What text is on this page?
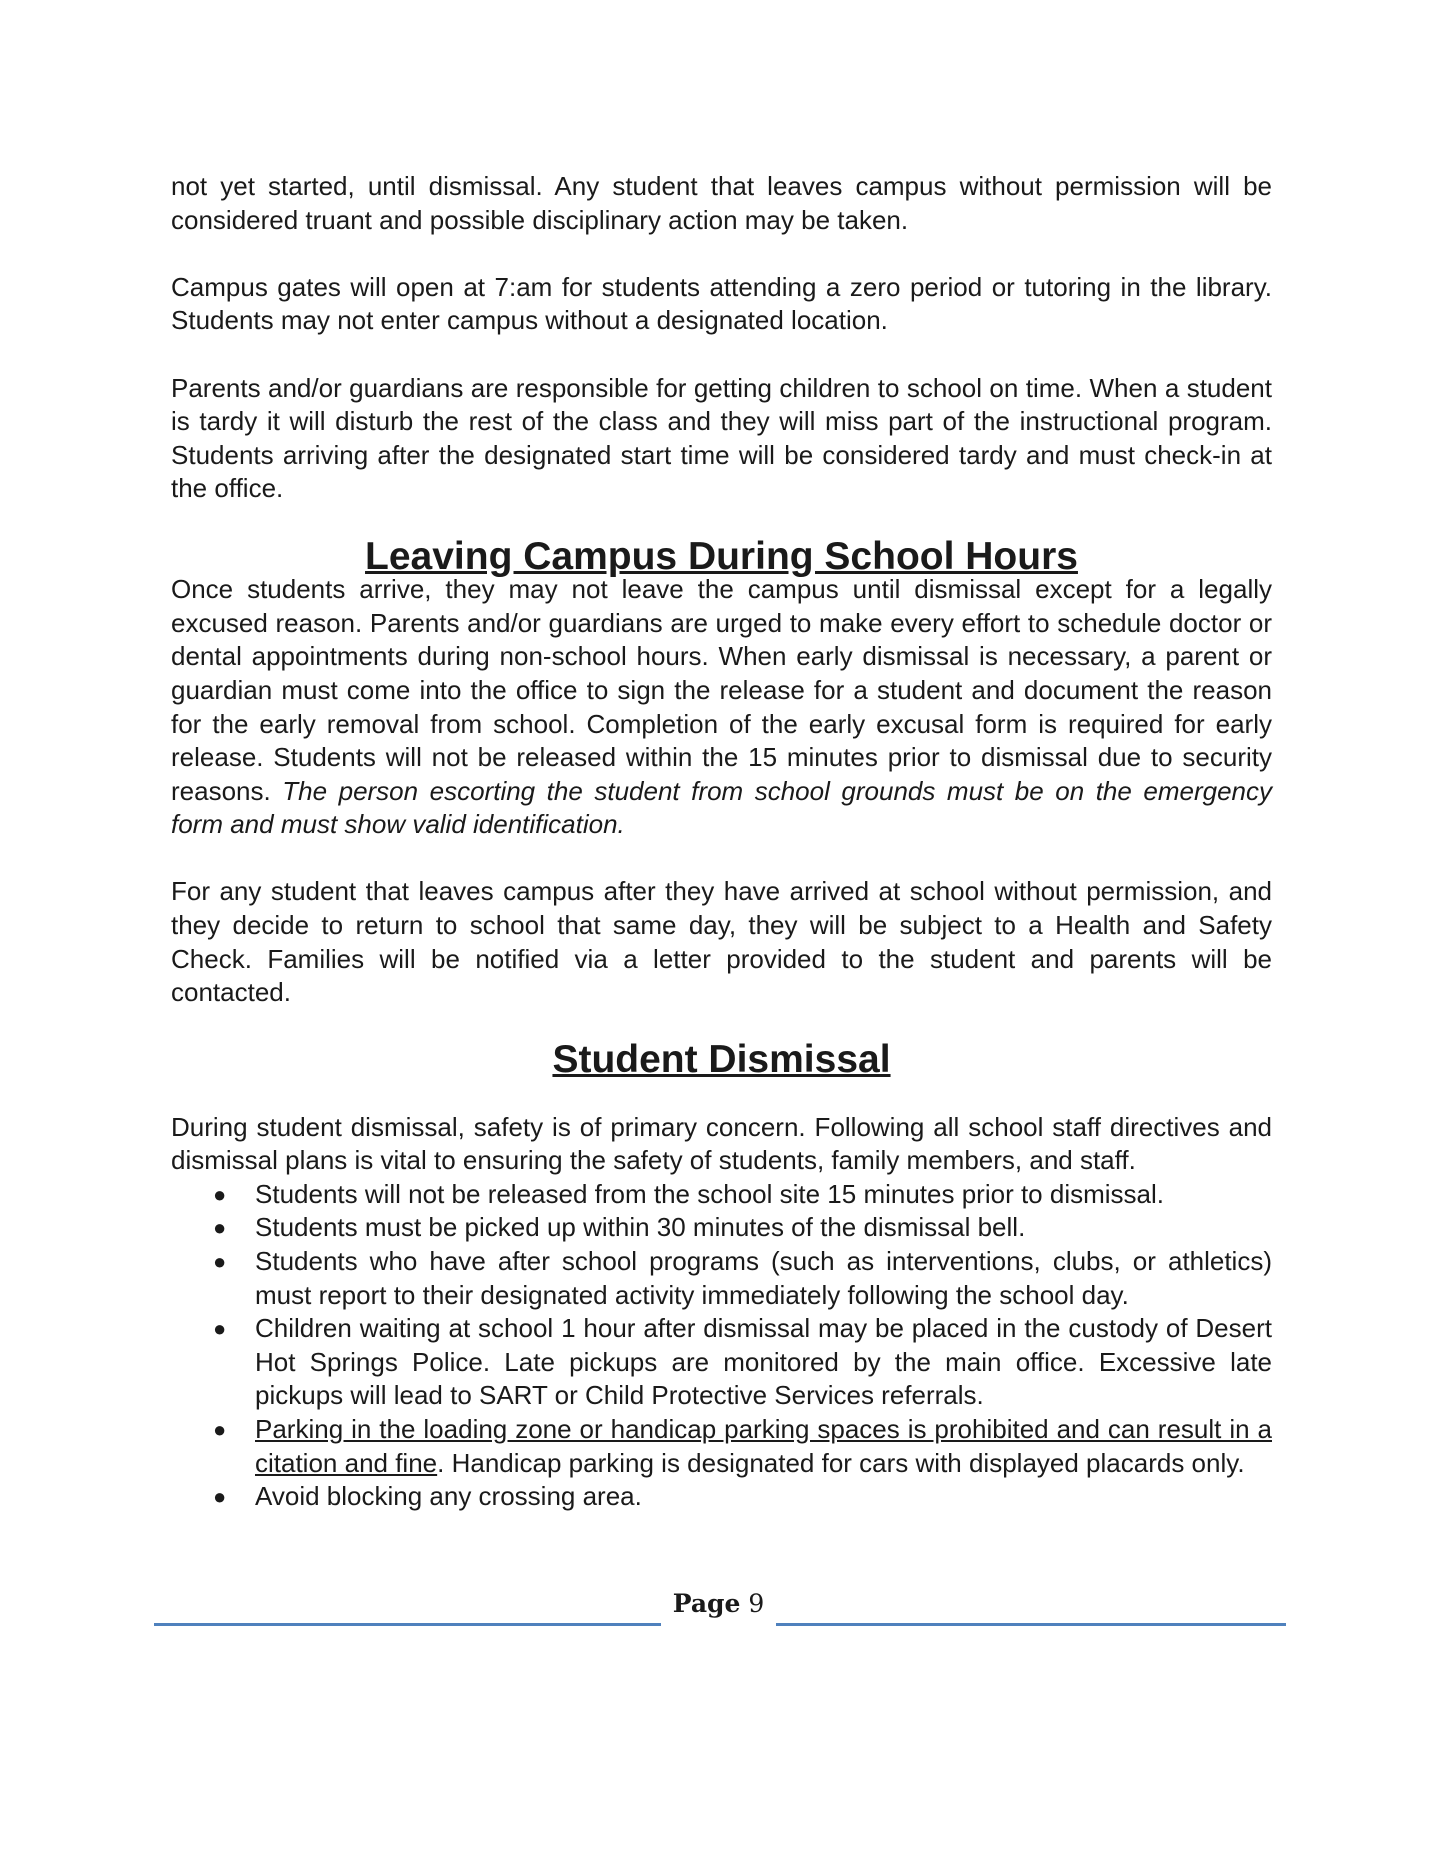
not yet started, until dismissal. Any student that leaves campus without permission will be considered truant and possible disciplinary action may be taken.

Campus gates will open at 7:am for students attending a zero period or tutoring in the library. Students may not enter campus without a designated location.

Parents and/or guardians are responsible for getting children to school on time. When a student is tardy it will disturb the rest of the class and they will miss part of the instructional program. Students arriving after the designated start time will be considered tardy and must check-in at the office.

Leaving Campus During School Hours

Once students arrive, they may not leave the campus until dismissal except for a legally excused reason. Parents and/or guardians are urged to make every effort to schedule doctor or dental appointments during non-school hours. When early dismissal is necessary, a parent or guardian must come into the office to sign the release for a student and document the reason for the early removal from school. Completion of the early excusal form is required for early release. Students will not be released within the 15 minutes prior to dismissal due to security reasons. The person escorting the student from school grounds must be on the emergency form and must show valid identification.

For any student that leaves campus after they have arrived at school without permission, and they decide to return to school that same day, they will be subject to a Health and Safety Check. Families will be notified via a letter provided to the student and parents will be contacted.

Student Dismissal

During student dismissal, safety is of primary concern. Following all school staff directives and dismissal plans is vital to ensuring the safety of students, family members, and staff.

● Students will not be released from the school site 15 minutes prior to dismissal.
● Students must be picked up within 30 minutes of the dismissal bell.
● Students who have after school programs (such as interventions, clubs, or athletics) must report to their designated activity immediately following the school day.
● Children waiting at school 1 hour after dismissal may be placed in the custody of Desert Hot Springs Police. Late pickups are monitored by the main office. Excessive late pickups will lead to SART or Child Protective Services referrals.
● Parking in the loading zone or handicap parking spaces is prohibited and can result in a citation and fine. Handicap parking is designated for cars with displayed placards only.
● Avoid blocking any crossing area.
Page 9
